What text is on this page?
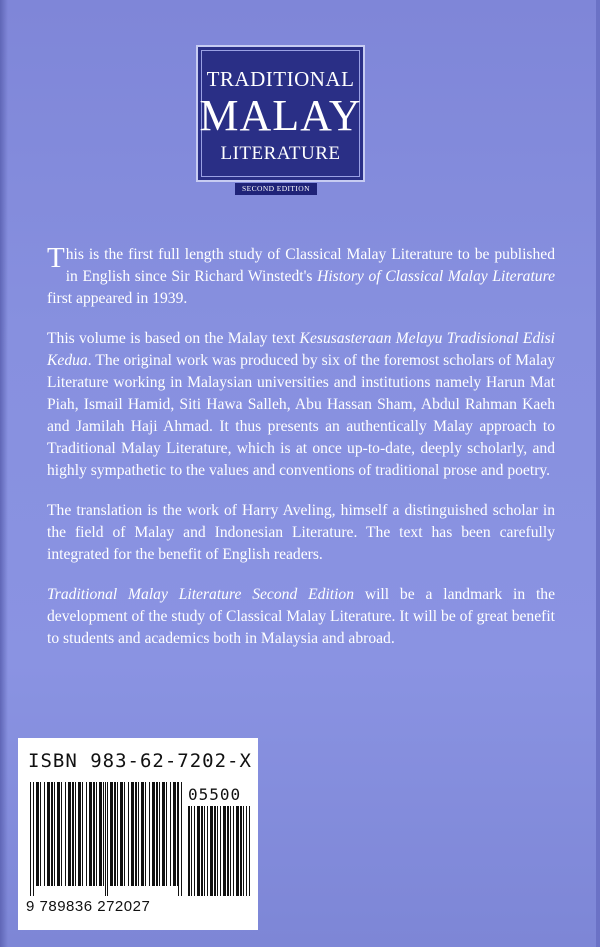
TRADITIONAL
MALAY
LITERATURE
SECOND EDITION

This is the first full length study of Classical Malay Literature to be published in English since Sir Richard Winstedt's History of Classical Malay Literature first appeared in 1939.

This volume is based on the Malay text Kesusasteraan Melayu Tradisional Edisi Kedua. The original work was produced by six of the foremost scholars of Malay Literature working in Malaysian universities and institutions namely Harun Mat Piah, Ismail Hamid, Siti Hawa Salleh, Abu Hassan Sham, Abdul Rahman Kaeh and Jamilah Haji Ahmad. It thus presents an authentically Malay approach to Traditional Malay Literature, which is at once up-to-date, deeply scholarly, and highly sympathetic to the values and conventions of traditional prose and poetry.

The translation is the work of Harry Aveling, himself a distinguished scholar in the field of Malay and Indonesian Literature. The text has been carefully integrated for the benefit of English readers.

Traditional Malay Literature Second Edition will be a landmark in the development of the study of Classical Malay Literature. It will be of great benefit to students and academics both in Malaysia and abroad.

ISBN 983-62-7202-X
05500
9 789836 272027
